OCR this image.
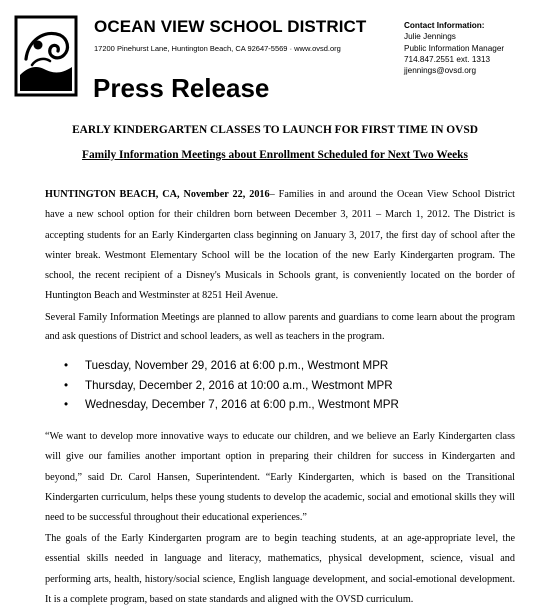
OCEAN VIEW SCHOOL DISTRICT
17200 Pinehurst Lane, Huntington Beach, CA 92647-5569 · www.ovsd.org
Press Release
Contact Information:
Julie Jennings
Public Information Manager
714.847.2551 ext. 1313
jjennings@ovsd.org
EARLY KINDERGARTEN CLASSES TO LAUNCH FOR FIRST TIME IN OVSD
Family Information Meetings about Enrollment Scheduled for Next Two Weeks
HUNTINGTON BEACH, CA, November 22, 2016– Families in and around the Ocean View School District have a new school option for their children born between December 3, 2011 – March 1, 2012. The District is accepting students for an Early Kindergarten class beginning on January 3, 2017, the first day of school after the winter break. Westmont Elementary School will be the location of the new Early Kindergarten program. The school, the recent recipient of a Disney's Musicals in Schools grant, is conveniently located on the border of Huntington Beach and Westminster at 8251 Heil Avenue.
Several Family Information Meetings are planned to allow parents and guardians to come learn about the program and ask questions of District and school leaders, as well as teachers in the program.
• Tuesday, November 29, 2016 at 6:00 p.m., Westmont MPR
• Thursday, December 2, 2016 at 10:00 a.m., Westmont MPR
• Wednesday, December 7, 2016 at 6:00 p.m., Westmont MPR
“We want to develop more innovative ways to educate our children, and we believe an Early Kindergarten class will give our families another important option in preparing their children for success in Kindergarten and beyond,” said Dr. Carol Hansen, Superintendent. “Early Kindergarten, which is based on the Transitional Kindergarten curriculum, helps these young students to develop the academic, social and emotional skills they will need to be successful throughout their educational experiences.”
The goals of the Early Kindergarten program are to begin teaching students, at an age-appropriate level, the essential skills needed in language and literacy, mathematics, physical development, science, visual and performing arts, health, history/social science, English language development, and social-emotional development. It is a complete program, based on state standards and aligned with the OVSD curriculum.
